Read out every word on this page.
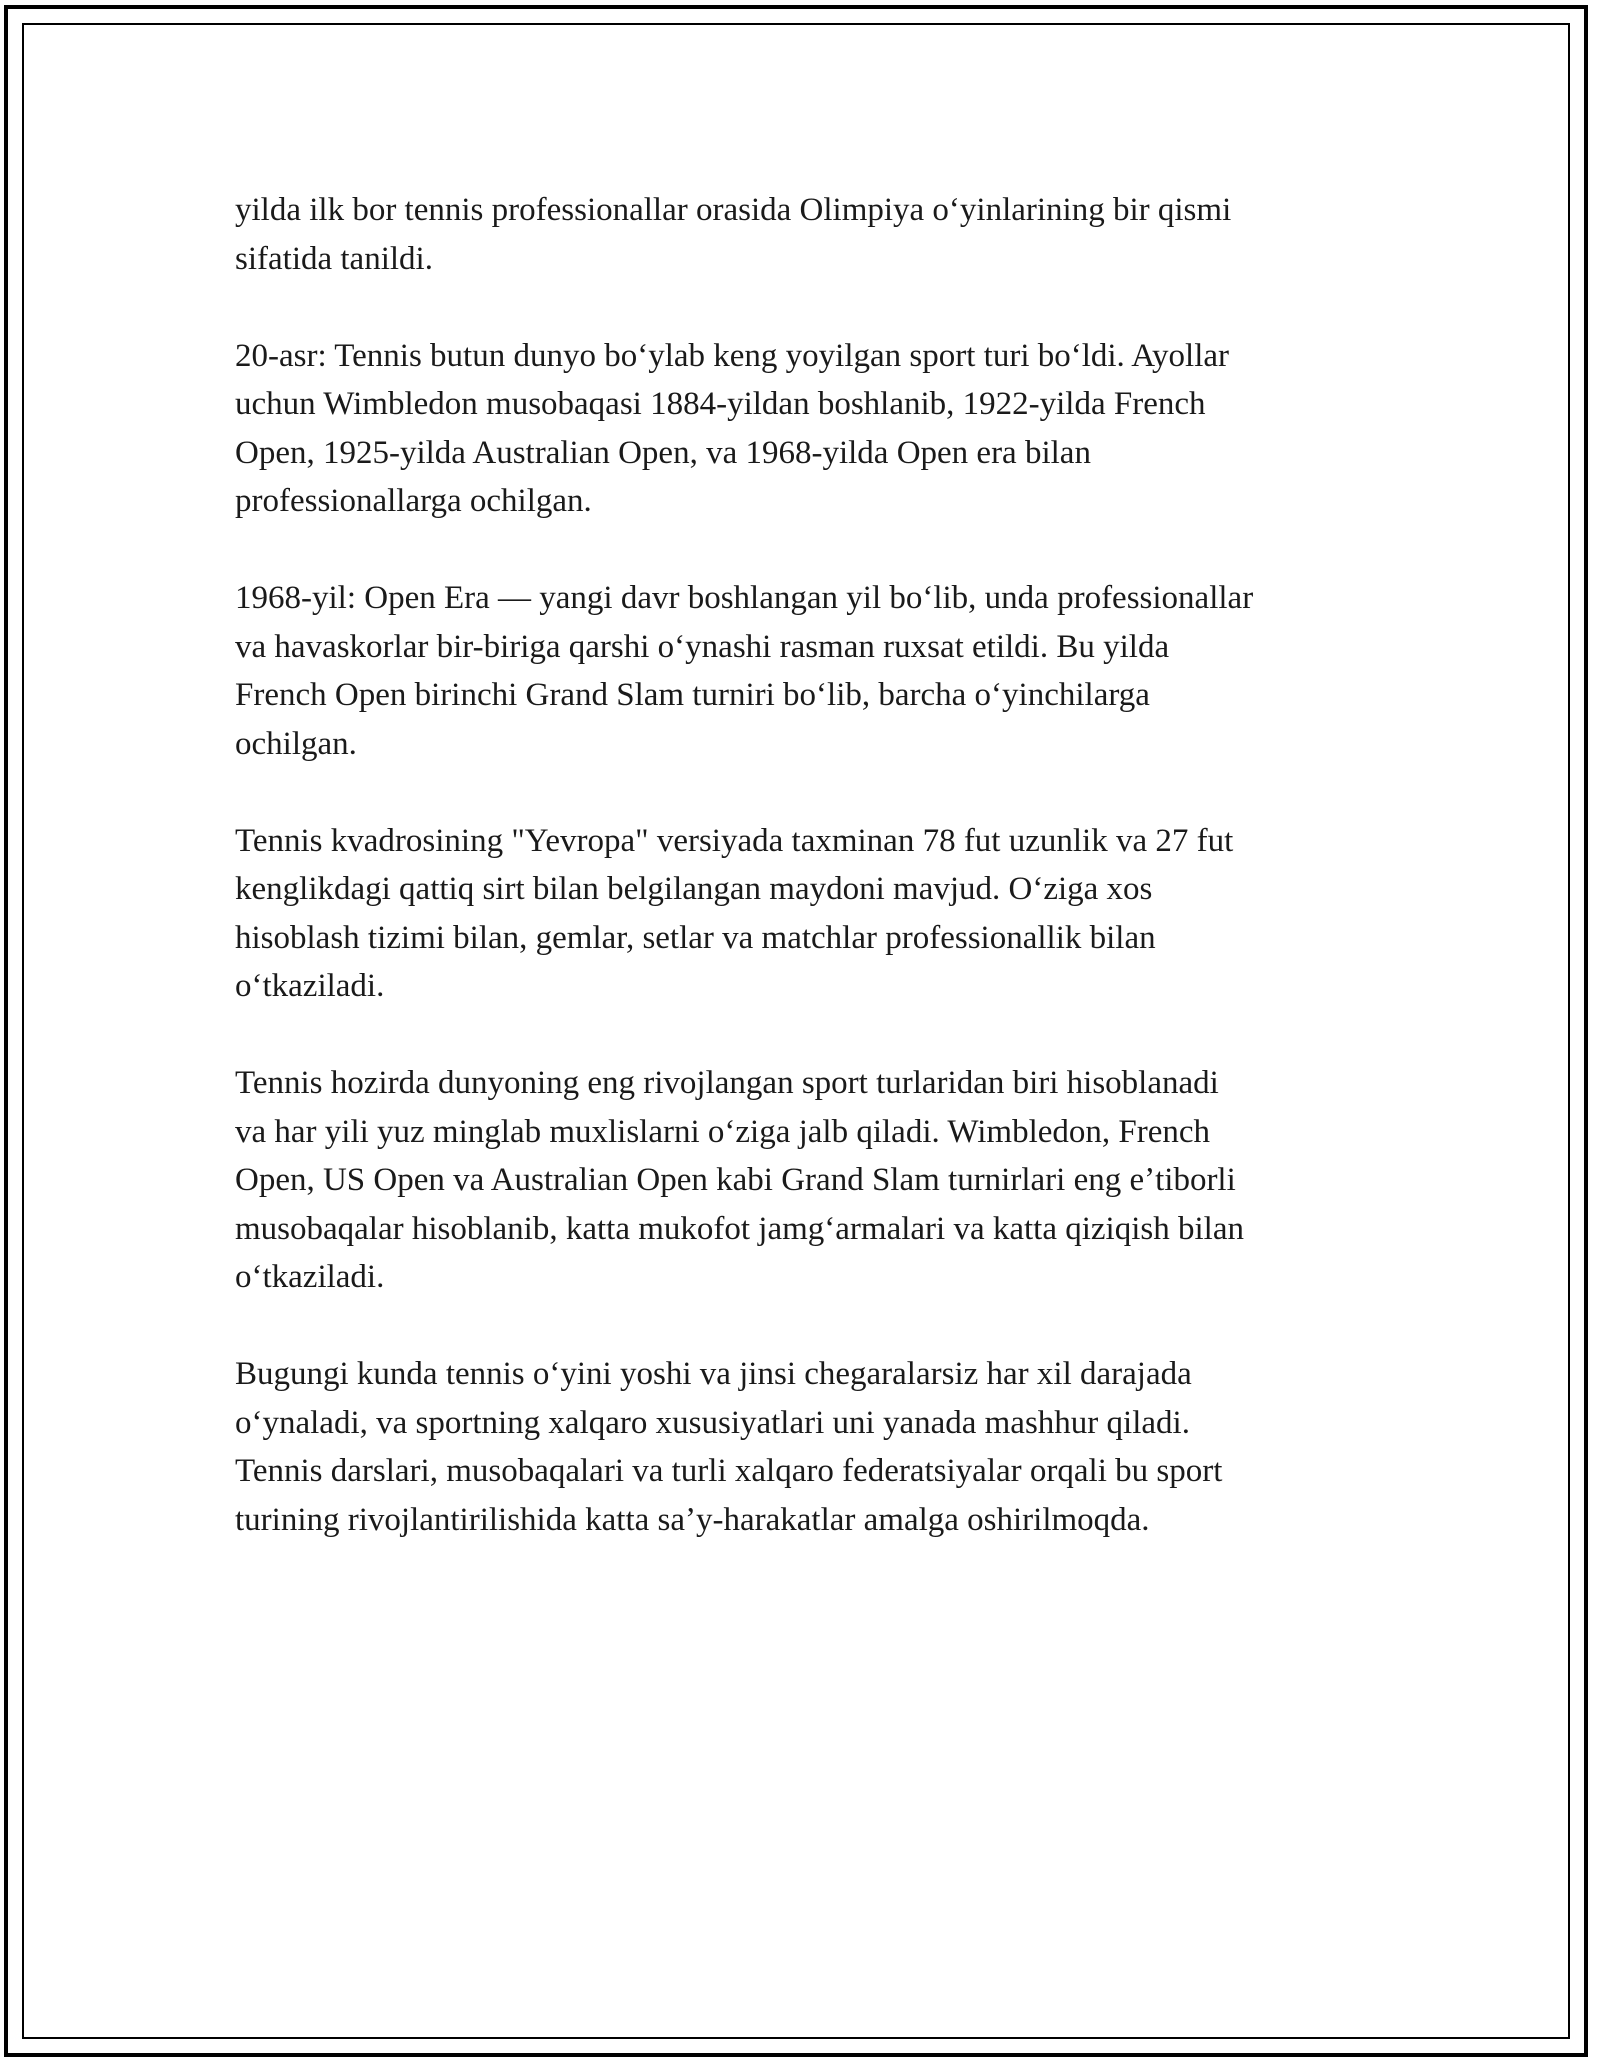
yilda ilk bor tennis professionallar orasida Olimpiya oʻyinlarining bir qismi
sifatida tanildi.

20-asr: Tennis butun dunyo boʻylab keng yoyilgan sport turi boʻldi. Ayollar
uchun Wimbledon musobaqasi 1884-yildan boshlanib, 1922-yilda French
Open, 1925-yilda Australian Open, va 1968-yilda Open era bilan
professionallarga ochilgan.

1968-yil: Open Era — yangi davr boshlangan yil boʻlib, unda professionallar
va havaskorlar bir-biriga qarshi oʻynashi rasman ruxsat etildi. Bu yilda
French Open birinchi Grand Slam turniri boʻlib, barcha oʻyinchilarga
ochilgan.

Tennis kvadrosining "Yevropa" versiyada taxminan 78 fut uzunlik va 27 fut
kenglikdagi qattiq sirt bilan belgilangan maydoni mavjud. Oʻziga xos
hisoblash tizimi bilan, gemlar, setlar va matchlar professionallik bilan
oʻtkaziladi.

Tennis hozirda dunyoning eng rivojlangan sport turlaridan biri hisoblanadi
va har yili yuz minglab muxlislarni oʻziga jalb qiladi. Wimbledon, French
Open, US Open va Australian Open kabi Grand Slam turnirlari eng eʼtiborli
musobaqalar hisoblanib, katta mukofot jamgʻarmalari va katta qiziqish bilan
oʻtkaziladi.

Bugungi kunda tennis oʻyini yoshi va jinsi chegaralarsiz har xil darajada
oʻynaladi, va sportning xalqaro xususiyatlari uni yanada mashhur qiladi.
Tennis darslari, musobaqalari va turli xalqaro federatsiyalar orqali bu sport
turining rivojlantirilishida katta saʼy-harakatlar amalga oshirilmoqda.
